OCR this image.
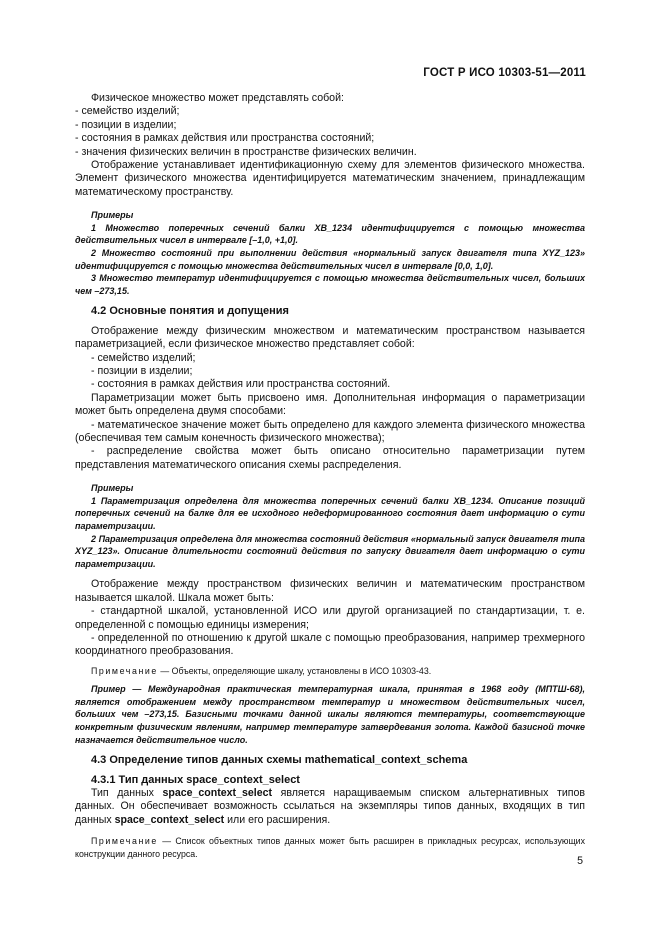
ГОСТ Р ИСО 10303-51—2011

Физическое множество может представлять собой:

- семейство изделий;

- позиции в изделии;

- состояния в рамках действия или пространства состояний;

- значения физических величин в пространстве физических величин.

Отображение устанавливает идентификационную схему для элементов физического множества. Элемент физического множества идентифицируется математическим значением, принадлежащим математическому пространству.

Примеры

1 Множество поперечных сечений балки XB_1234 идентифицируется с помощью множества действительных чисел в интервале [–1,0, +1,0].

2 Множество состояний при выполнении действия «нормальный запуск двигателя типа XYZ_123» идентифицируется с помощью множества действительных чисел в интервале [0,0, 1,0].

3 Множество температур идентифицируется с помощью множества действительных чисел, больших чем –273,15.

4.2 Основные понятия и допущения

Отображение между физическим множеством и математическим пространством называется параметризацией, если физическое множество представляет собой:

- семейство изделий;

- позиции в изделии;

- состояния в рамках действия или пространства состояний.

Параметризации может быть присвоено имя. Дополнительная информация о параметризации может быть определена двумя способами:

- математическое значение может быть определено для каждого элемента физического множества (обеспечивая тем самым конечность физического множества);

- распределение свойства может быть описано относительно параметризации путем представления математического описания схемы распределения.

Примеры

1 Параметризация определена для множества поперечных сечений балки XB_1234. Описание позиций поперечных сечений на балке для ее исходного недеформированного состояния дает информацию о сути параметризации.

2 Параметризация определена для множества состояний действия «нормальный запуск двигателя типа XYZ_123». Описание длительности состояний действия по запуску двигателя дает информацию о сути параметризации.

Отображение между пространством физических величин и математическим пространством называется шкалой. Шкала может быть:

- стандартной шкалой, установленной ИСО или другой организацией по стандартизации, т. е. определенной с помощью единицы измерения;

- определенной по отношению к другой шкале с помощью преобразования, например трехмерного координатного преобразования.

Примечание — Объекты, определяющие шкалу, установлены в ИСО 10303-43.

Пример — Международная практическая температурная шкала, принятая в 1968 году (МПТШ-68), является отображением между пространством температур и множеством действительных чисел, больших чем –273,15. Базисными точками данной шкалы являются температуры, соответствующие конкретным физическим явлениям, например температуре затвердевания золота. Каждой базисной точке назначается действительное число.

4.3 Определение типов данных схемы mathematical_context_schema
4.3.1 Тип данных space_context_select

Тип данных space_context_select является наращиваемым списком альтернативных типов данных. Он обеспечивает возможность ссылаться на экземпляры типов данных, входящих в тип данных space_context_select или его расширения.

Примечание — Список объектных типов данных может быть расширен в прикладных ресурсах, использующих конструкции данного ресурса.

5
